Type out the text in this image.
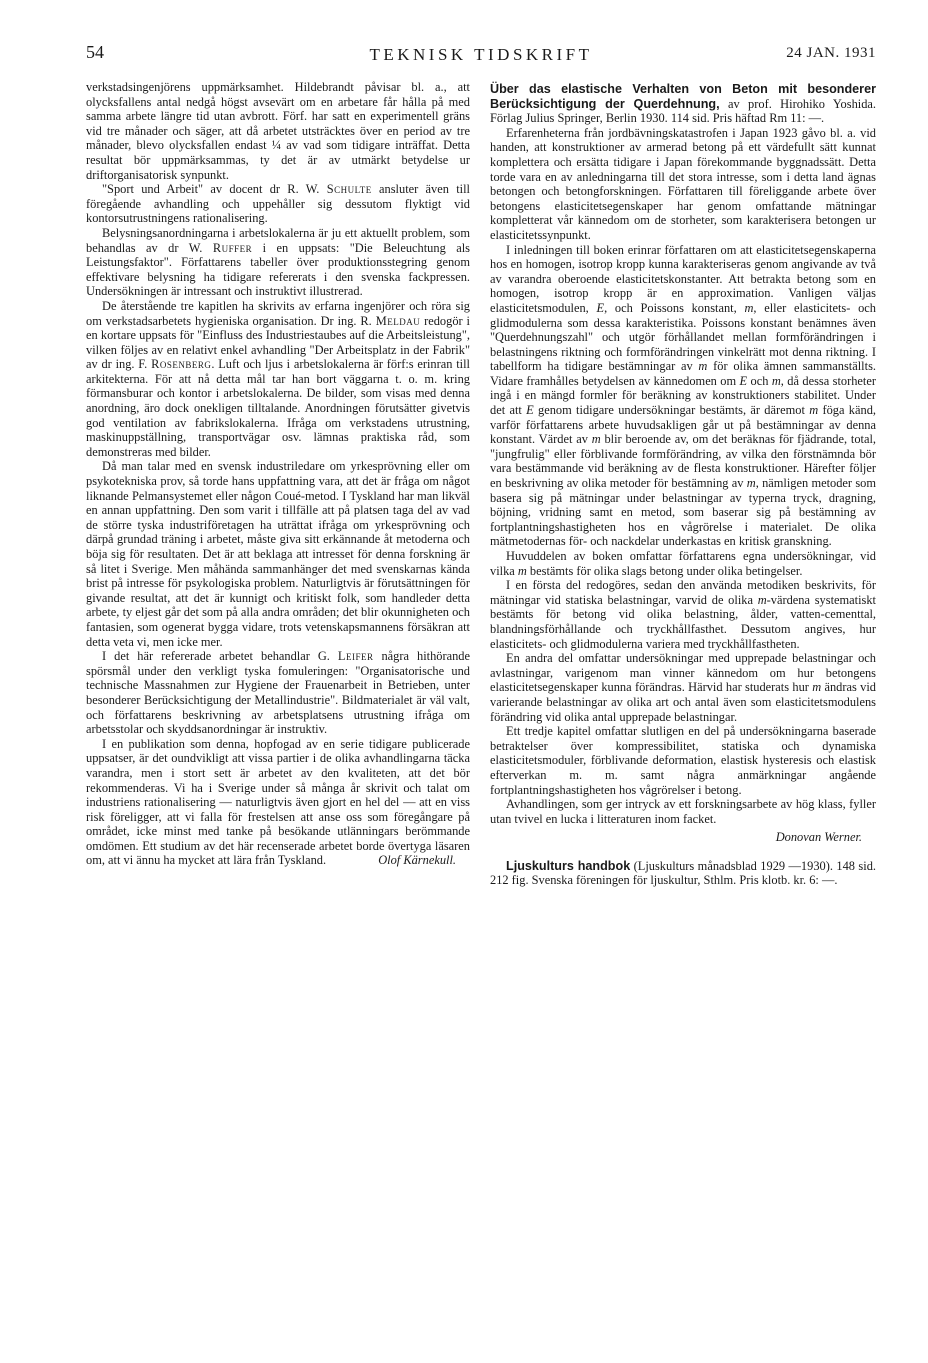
54	TEKNISK TIDSKRIFT	24 JAN. 1931

verkstadsingenjörens uppmärksamhet. Hildebrandt påvisar bl. a., att olycksfallens antal nedgå högst avsevärt om en arbetare får hålla på med samma arbete längre tid utan avbrott. Förf. har satt en experimentell gräns vid tre månader och säger, att då arbetet utsträcktes över en period av tre månader, blevo olycksfallen endast ¼ av vad som tidigare inträffat. Detta resultat bör uppmärksammas, ty det är av utmärkt betydelse ur driftorganisatorisk synpunkt.

"Sport und Arbeit" av docent dr R. W. Schulte ansluter även till föregående avhandling och uppehåller sig dessutom flyktigt vid kontorsutrustningens rationalisering.

Belysningsanordningarna i arbetslokalerna är ju ett aktuellt problem, som behandlas av dr W. Ruffer i en uppsats: "Die Beleuchtung als Leistungsfaktor". Författarens tabeller över produktionsstegring genom effektivare belysning ha tidigare refererats i den svenska fackpressen. Undersökningen är intressant och instruktivt illustrerad.

De återstående tre kapitlen ha skrivits av erfarna ingenjörer och röra sig om verkstadsarbetets hygieniska organisation. Dr ing. R. Meldau redogör i en kortare uppsats för "Einfluss des Industriestaubes auf die Arbeitsleistung", vilken följes av en relativt enkel avhandling "Der Arbeitsplatz in der Fabrik" av dr ing. F. Rosenberg. Luft och ljus i arbetslokalerna är förf:s erinran till arkitekterna. För att nå detta mål tar han bort väggarna t. o. m. kring förmansburar och kontor i arbetslokalerna. De bilder, som visas med denna anordning, äro dock onekligen tilltalande. Anordningen förutsätter givetvis god ventilation av fabrikslokalerna. Ifråga om verkstadens utrustning, maskinuppställning, transportvägar osv. lämnas praktiska råd, som demonstreras med bilder.

Då man talar med en svensk industriledare om yrkesprövning eller om psykotekniska prov, så torde hans uppfattning vara, att det är fråga om något liknande Pelmansystemet eller någon Coué-metod. I Tyskland har man likväl en annan uppfattning. Den som varit i tillfälle att på platsen taga del av vad de större tyska industriföretagen ha uträttat ifråga om yrkesprövning och därpå grundad träning i arbetet, måste giva sitt erkännande åt metoderna och böja sig för resultaten. Det är att beklaga att intresset för denna forskning är så litet i Sverige. Men måhända sammanhänger det med svenskarnas kända brist på intresse för psykologiska problem. Naturligtvis är förutsättningen för givande resultat, att det är kunnigt och kritiskt folk, som handleder detta arbete, ty eljest går det som på alla andra områden; det blir okunnigheten och fantasien, som ogenerat bygga vidare, trots vetenskapsmannens försäkran att detta veta vi, men icke mer.

I det här refererade arbetet behandlar G. Leifer några hithörande spörsmål under den verkligt tyska fomuleringen: "Organisatorische und technische Massnahmen zur Hygiene der Frauenarbeit in Betrieben, unter besonderer Berücksichtigung der Metallindustrie". Bildmaterialet är väl valt, och författarens beskrivning av arbetsplatsens utrustning ifråga om arbetsstolar och skyddsanordningar är instruktiv.

I en publikation som denna, hopfogad av en serie tidigare publicerade uppsatser, är det oundvikligt att vissa partier i de olika avhandlingarna täcka varandra, men i stort sett är arbetet av den kvaliteten, att det bör rekommenderas. Vi ha i Sverige under så många år skrivit och talat om industriens rationalisering — naturligtvis även gjort en hel del — att en viss risk föreligger, att vi falla för frestelsen att anse oss som föregångare på området, icke minst med tanke på besökande utlänningars berömmande omdömen. Ett studium av det här recenserade arbetet borde övertyga läsaren om, att vi ännu ha mycket att lära från Tyskland.	Olof Kärnekull.

Über das elastische Verhalten von Beton mit besonderer Berücksichtigung der Querdehnung, av prof. Hirohiko Yoshida. Förlag Julius Springer, Berlin 1930. 114 sid. Pris häftad Rm 11: —.

Erfarenheterna från jordbävningskatastrofen i Japan 1923 gåvo bl. a. vid handen, att konstruktioner av armerad betong på ett värdefullt sätt kunnat komplettera och ersätta tidigare i Japan förekommande byggnadssätt. Detta torde vara en av anledningarna till det stora intresse, som i detta land ägnas betongen och betongforskningen. Författaren till föreliggande arbete över betongens elasticitetsegenskaper har genom omfattande mätningar kompletterat vår kännedom om de storheter, som karakterisera betongen ur elasticitetssynpunkt.

I inledningen till boken erinrar författaren om att elasticitetsegenskaperna hos en homogen, isotrop kropp kunna karakteriseras genom angivande av två av varandra oberoende elasticitetskonstanter. Att betrakta betong som en homogen, isotrop kropp är en approximation. Vanligen väljas elasticitetsmodulen, E, och Poissons konstant, m, eller elasticitets- och glidmodulerna som dessa karakteristika. Poissons konstant benämnes även "Querdehnungszahl" och utgör förhållandet mellan formförändringen i belastningens riktning och formförändringen vinkelrätt mot denna riktning. I tabellform ha tidigare bestämningar av m för olika ämnen sammanställts. Vidare framhålles betydelsen av kännedomen om E och m, då dessa storheter ingå i en mängd formler för beräkning av konstruktioners stabilitet. Under det att E genom tidigare undersökningar bestämts, är däremot m föga känd, varför författarens arbete huvudsakligen går ut på bestämningar av denna konstant. Värdet av m blir beroende av, om det beräknas för fjädrande, total, "jungfrulig" eller förblivande formförändring, av vilka den förstnämnda bör vara bestämmande vid beräkning av de flesta konstruktioner. Härefter följer en beskrivning av olika metoder för bestämning av m, nämligen metoder som basera sig på mätningar under belastningar av typerna tryck, dragning, böjning, vridning samt en metod, som baserar sig på bestämning av fortplantningshastigheten hos en vågrörelse i materialet. De olika mätmetodernas för- och nackdelar underkastas en kritisk granskning.

Huvuddelen av boken omfattar författarens egna undersökningar, vid vilka m bestämts för olika slags betong under olika betingelser.

I en första del redogöres, sedan den använda metodiken beskrivits, för mätningar vid statiska belastningar, varvid de olika m-värdena systematiskt bestämts för betong vid olika belastning, ålder, vatten-cementtal, blandningsförhållande och tryckhållfasthet. Dessutom angives, hur elasticitets- och glidmodulerna variera med tryckhållfastheten.

En andra del omfattar undersökningar med upprepade belastningar och avlastningar, varigenom man vinner kännedom om hur betongens elasticitetsegenskaper kunna förändras. Härvid har studerats hur m ändras vid varierande belastningar av olika art och antal även som elasticitetsmodulens förändring vid olika antal upprepade belastningar.

Ett tredje kapitel omfattar slutligen en del på undersökningarna baserade betraktelser över kompressibilitet, statiska och dynamiska elasticitetsmoduler, förblivande deformation, elastisk hysteresis och elastisk efterverkan m. m. samt några anmärkningar angående fortplantningshastigheten hos vågrörelser i betong.

Avhandlingen, som ger intryck av ett forskningsarbete av hög klass, fyller utan tvivel en lucka i litteraturen inom facket.

Donovan Werner.

Ljuskulturs handbok (Ljuskulturs månadsblad 1929 —1930). 148 sid. 212 fig. Svenska föreningen för ljuskultur, Sthlm. Pris klotb. kr. 6: —.
